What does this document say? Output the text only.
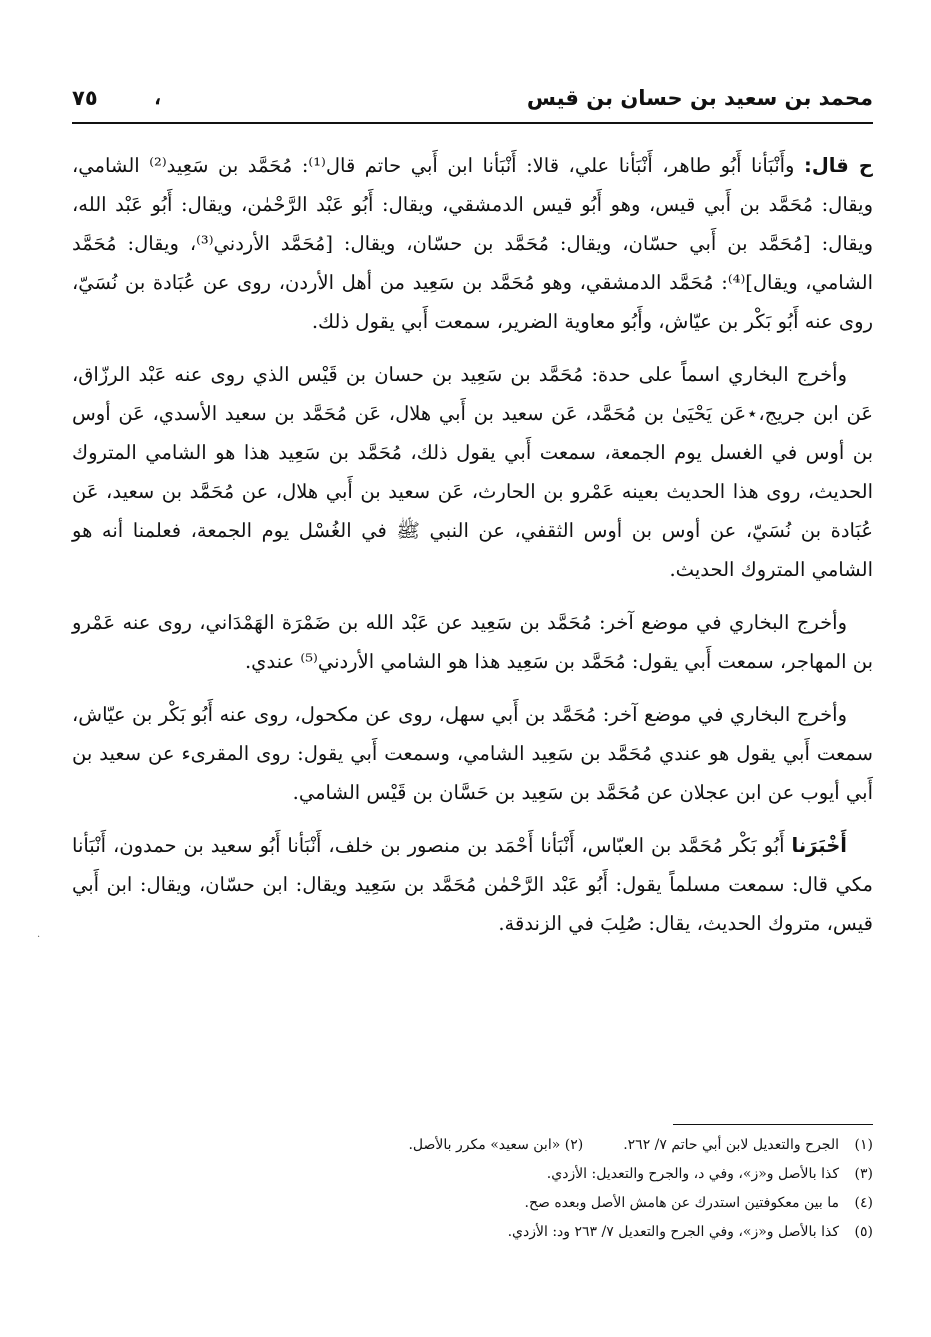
محمد بن سعيد بن حسان بن قيس
،
٧٥

ح قال: وأَنْبَأنا أَبُو طاهر، أَنْبَأنا علي، قالا: أَنْبَأنا ابن أَبي حاتم قال⁽¹⁾: مُحَمَّد بن سَعِيد⁽²⁾ الشامي، ويقال: مُحَمَّد بن أَبي قيس، وهو أَبُو قيس الدمشقي، ويقال: أَبُو عَبْد الرَّحْمٰن، ويقال: أَبُو عَبْد الله، ويقال: [مُحَمَّد بن أَبي حسّان، ويقال: مُحَمَّد بن حسّان، ويقال: [مُحَمَّد الأردني⁽³⁾، ويقال: مُحَمَّد الشامي، ويقال]⁽⁴⁾: مُحَمَّد الدمشقي، وهو مُحَمَّد بن سَعِيد من أهل الأردن، روى عن عُبَادة بن نُسَيّ، روى عنه أَبُو بَكْر بن عيّاش، وأَبُو معاوية الضرير، سمعت أَبي يقول ذلك.

وأخرج البخاري اسماً على حدة: مُحَمَّد بن سَعِيد بن حسان بن قَيْس الذي روى عنه عَبْد الرزّاق، عَن ابن جريج،⋆عَن يَحْيَىٰ بن مُحَمَّد، عَن سعيد بن أَبي هلال، عَن مُحَمَّد بن سعيد الأسدي، عَن أوس بن أوس في الغسل يوم الجمعة، سمعت أَبي يقول ذلك، مُحَمَّد بن سَعِيد هذا هو الشامي المتروك الحديث، روى هذا الحديث بعينه عَمْرو بن الحارث، عَن سعيد بن أَبي هلال، عن مُحَمَّد بن سعيد، عَن عُبَادة بن نُسَيّ، عن أوس بن أوس الثقفي، عن النبي ﷺ في الغُسْل يوم الجمعة، فعلمنا أنه هو الشامي المتروك الحديث.

وأخرج البخاري في موضع آخر: مُحَمَّد بن سَعِيد عن عَبْد الله بن ضَمْرَة الهَمْدَاني، روى عنه عَمْرو بن المهاجر، سمعت أَبي يقول: مُحَمَّد بن سَعِيد هذا هو الشامي الأردني⁽⁵⁾ عندي.

وأخرج البخاري في موضع آخر: مُحَمَّد بن أَبي سهل، روى عن مكحول، روى عنه أَبُو بَكْر بن عيّاش، سمعت أَبي يقول هو عندي مُحَمَّد بن سَعِيد الشامي، وسمعت أَبي يقول: روى المقرىء عن سعيد بن أَبي أيوب عن ابن عجلان عن مُحَمَّد بن سَعِيد بن حَسَّان بن قَيْس الشامي.

أَخْبَرَنا أَبُو بَكْر مُحَمَّد بن العبّاس، أَنْبَأنا أَحْمَد بن منصور بن خلف، أَنْبَأنا أَبُو سعيد بن حمدون، أَنْبَأنا مكي قال: سمعت مسلماً يقول: أَبُو عَبْد الرَّحْمٰن مُحَمَّد بن سَعِيد ويقال: ابن حسّان، ويقال: ابن أَبي قيس، متروك الحديث، يقال: صُلِبَ في الزندقة.

(١)الجرح والتعديل لابن أبي حاتم ٧/ ٢٦٢.(٢) «ابن سعيد» مكرر بالأصل.
(٣)كذا بالأصل و«ز»، وفي د، والجرح والتعديل: الأزدي.
(٤)ما بين معكوفتين استدرك عن هامش الأصل وبعده صح.
(٥)كذا بالأصل و«ز»، وفي الجرح والتعديل ٧/ ٢٦٣ ود: الأزدي.
·
